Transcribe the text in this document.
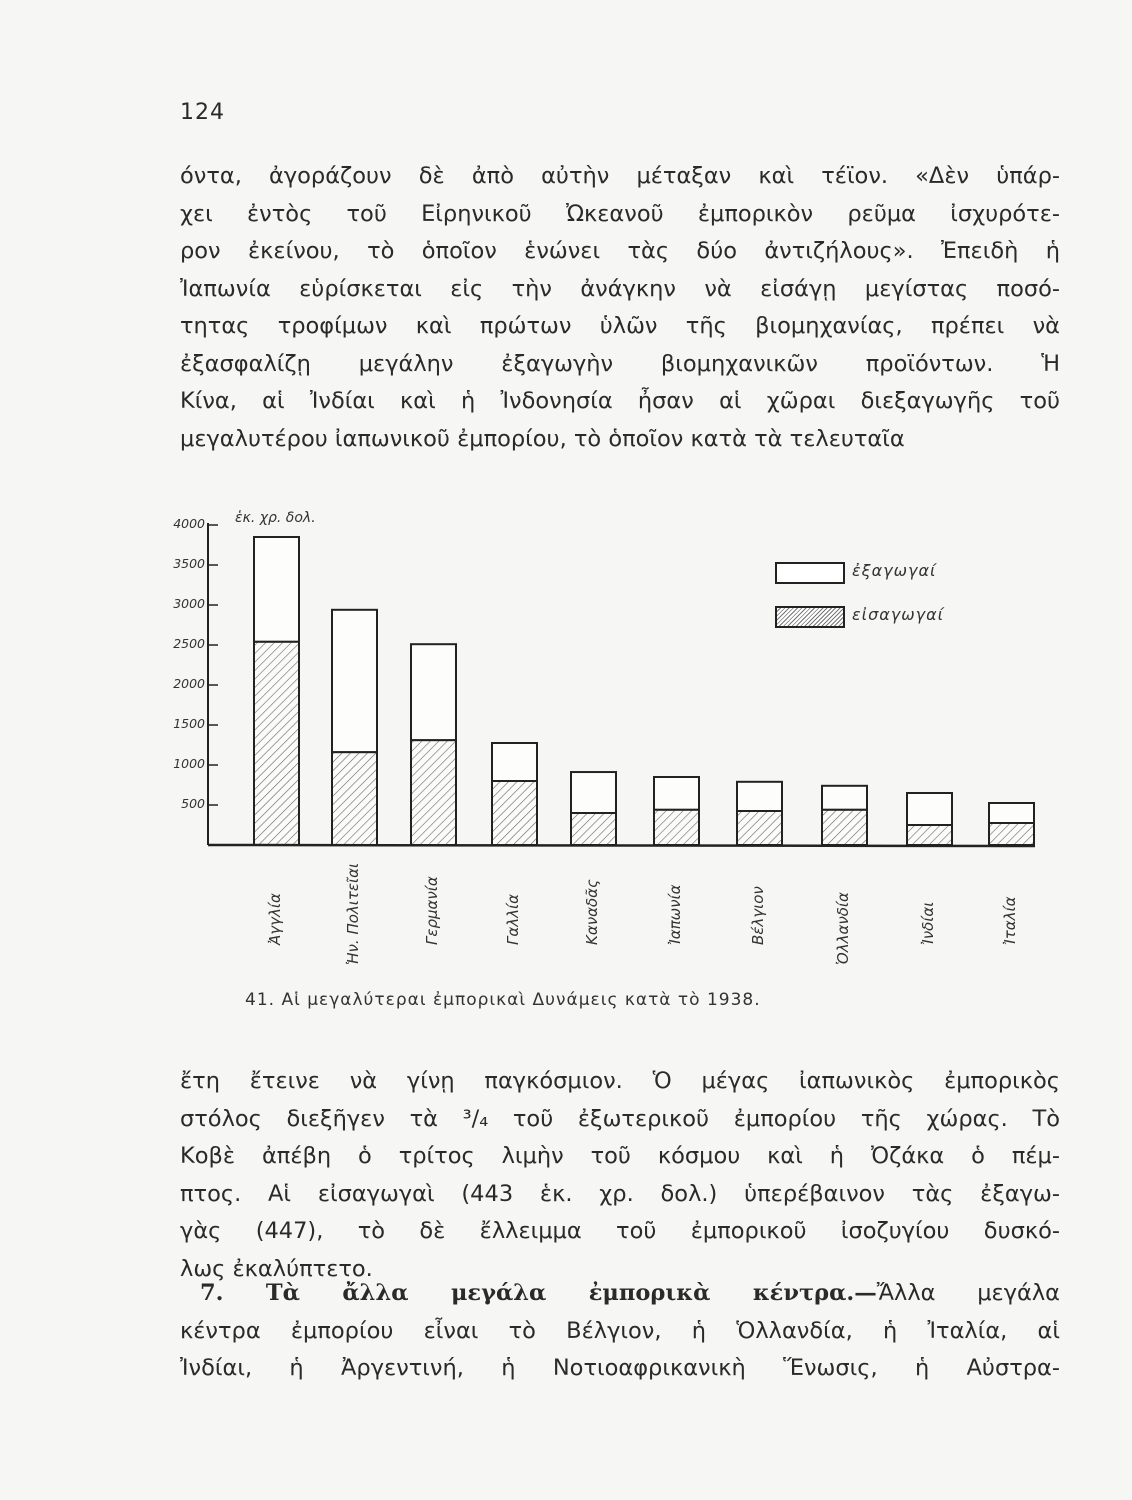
124
όντα, ἀγοράζουν δὲ ἀπὸ αὐτὴν μέταξαν καὶ τέϊον. «Δὲν ὑπάρ-
χει ἐντὸς τοῦ Εἰρηνικοῦ Ὠκεανοῦ ἐμπορικὸν ρεῦμα ἰσχυρότε-
ρον ἐκείνου, τὸ ὁποῖον ἑνώνει τὰς δύο ἀντιζήλους». Ἐπειδὴ ἡ
Ἰαπωνία εὑρίσκεται εἰς τὴν ἀνάγκην νὰ εἰσάγῃ μεγίστας ποσό-
τητας τροφίμων καὶ πρώτων ὑλῶν τῆς βιομηχανίας, πρέπει νὰ
ἐξασφαλίζῃ μεγάλην ἐξαγωγὴν βιομηχανικῶν προϊόντων. Ἡ
Κίνα, αἱ Ἰνδίαι καὶ ἡ Ἰνδονησία ἦσαν αἱ χῶραι διεξαγωγῆς τοῦ
μεγαλυτέρου ἰαπωνικοῦ ἐμπορίου, τὸ ὁποῖον κατὰ τὰ τελευταῖα
500
1000
1500
2000
2500
3000
3500
4000 ἑκ. χρ. δολ.
Ἀγγλία	Ἡν. Πολιτεῖαι	Γερμανία	Γαλλία	Καναδᾶς	Ἰαπωνία	Βέλγιον	Ὁλλανδία	Ἰνδίαι	Ἰταλία
ἐξαγωγαί
εἰσαγωγαί
41. Αἱ μεγαλύτεραι ἐμπορικαὶ Δυνάμεις κατὰ τὸ 1938.
ἔτη ἔτεινε νὰ γίνῃ παγκόσμιον. Ὁ μέγας ἰαπωνικὸς ἐμπορικὸς
στόλος διεξῆγεν τὰ ³/₄ τοῦ ἐξωτερικοῦ ἐμπορίου τῆς χώρας. Τὸ
Κοβὲ ἀπέβη ὁ τρίτος λιμὴν τοῦ κόσμου καὶ ἡ Ὀζάκα ὁ πέμ-
πτος. Αἱ εἰσαγωγαὶ (443 ἑκ. χρ. δολ.) ὑπερέβαινον τὰς ἐξαγω-
γὰς (447), τὸ δὲ ἔλλειμμα τοῦ ἐμπορικοῦ ἰσοζυγίου δυσκό-
λως ἐκαλύπτετο.
7. Τὰ ἄλλα μεγάλα ἐμπορικὰ κέντρα.—Ἄλλα μεγάλα
κέντρα ἐμπορίου εἶναι τὸ Βέλγιον, ἡ Ὁλλανδία, ἡ Ἰταλία, αἱ
Ἰνδίαι, ἡ Ἀργεντινή, ἡ Νοτιοαφρικανικὴ Ἕνωσις, ἡ Αὐστρα-
